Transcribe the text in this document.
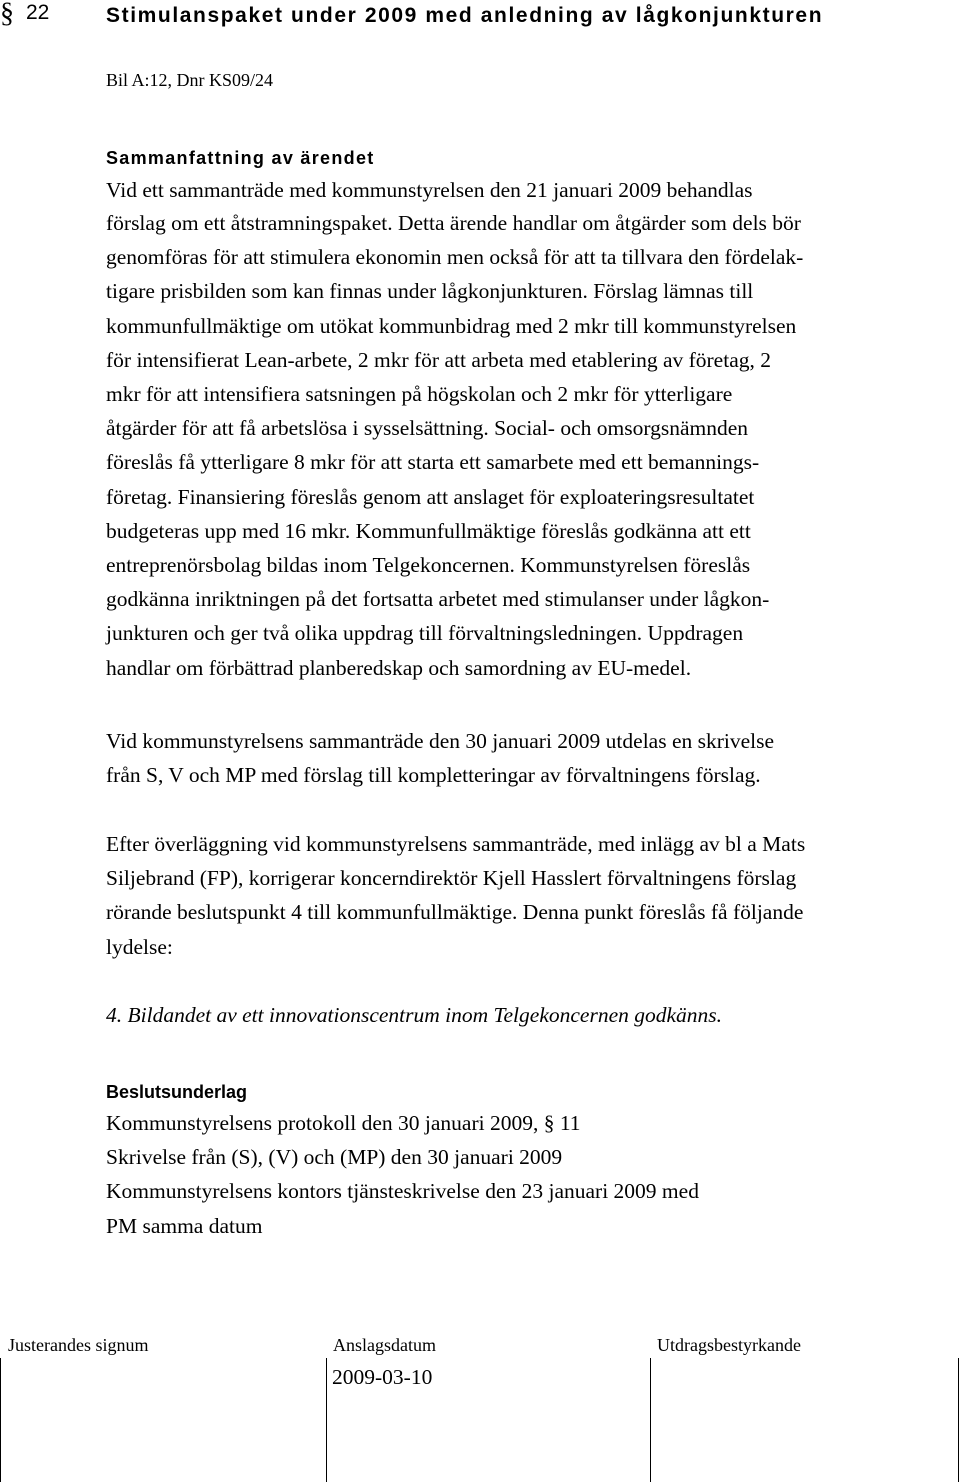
§ 22	Stimulanspaket under 2009 med anledning av lågkonjunkturen
Bil A:12, Dnr KS09/24
Sammanfattning av ärendet
Vid ett sammanträde med kommunstyrelsen den 21 januari 2009 behandlas
förslag om ett åtstramningspaket. Detta ärende handlar om åtgärder som dels bör
genomföras för att stimulera ekonomin men också för att ta tillvara den fördelak-
tigare prisbilden som kan finnas under lågkonjunkturen. Förslag lämnas till
kommunfullmäktige om utökat kommunbidrag med 2 mkr till kommunstyrelsen
för intensifierat Lean-arbete, 2 mkr för att arbeta med etablering av företag, 2
mkr för att intensifiera satsningen på högskolan och 2 mkr för ytterligare
åtgärder för att få arbetslösa i sysselsättning. Social- och omsorgsnämnden
föreslås få ytterligare 8 mkr för att starta ett samarbete med ett bemannings-
företag. Finansiering föreslås genom att anslaget för exploateringsresultatet
budgeteras upp med 16 mkr. Kommunfullmäktige föreslås godkänna att ett
entreprenörsbolag bildas inom Telgekoncernen. Kommunstyrelsen föreslås
godkänna inriktningen på det fortsatta arbetet med stimulanser under lågkon-
junkturen och ger två olika uppdrag till förvaltningsledningen. Uppdragen
handlar om förbättrad planberedskap och samordning av EU-medel.
Vid kommunstyrelsens sammanträde den 30 januari 2009 utdelas en skrivelse
från S, V och MP med förslag till kompletteringar av förvaltningens förslag.
Efter överläggning vid kommunstyrelsens sammanträde, med inlägg av bl a Mats
Siljebrand (FP), korrigerar koncerndirektör Kjell Hasslert förvaltningens förslag
rörande beslutspunkt 4 till kommunfullmäktige. Denna punkt föreslås få följande
lydelse:
4. Bildandet av ett innovationscentrum inom Telgekoncernen godkänns.
Beslutsunderlag
Kommunstyrelsens protokoll den 30 januari 2009, § 11
Skrivelse från (S), (V) och (MP) den 30 januari 2009
Kommunstyrelsens kontors tjänsteskrivelse den 23 januari 2009 med
PM samma datum
Justerandes signum	Anslagsdatum	Utdragsbestyrkande
2009-03-10
